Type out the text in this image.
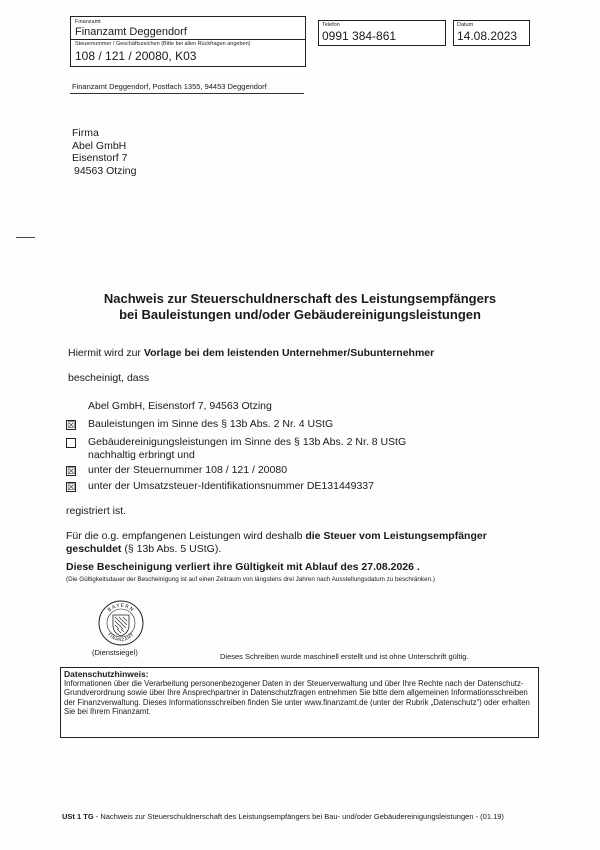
Finanzamt
Finanzamt Deggendorf
Steuernummer / Geschäftszeichen (Bitte bei allen Rückfragen angeben)
108 / 121 / 20080, K03
Telefon
0991 384-861
Datum
14.08.2023
Finanzamt Deggendorf, Postfach 1355, 94453 Deggendorf
Firma
Abel GmbH
Eisenstorf 7
94563 Otzing
Nachweis zur Steuerschuldnerschaft des Leistungsempfängers
bei Bauleistungen und/oder Gebäudereinigungsleistungen
Hiermit wird zur Vorlage bei dem leistenden Unternehmer/Subunternehmer
bescheinigt, dass
Abel GmbH, Eisenstorf 7, 94563 Otzing
☒ Bauleistungen im Sinne des § 13b Abs. 2 Nr. 4 UStG
Gebäudereinigungsleistungen im Sinne des § 13b Abs. 2 Nr. 8 UStG
nachhaltig erbringt und
☒ unter der Steuernummer 108 / 121 / 20080
☒ unter der Umsatzsteuer-Identifikationsnummer DE131449337
registriert ist.
Für die o.g. empfangenen Leistungen wird deshalb die Steuer vom Leistungsempfänger
geschuldet (§ 13b Abs. 5 UStG).
Diese Bescheinigung verliert ihre Gültigkeit mit Ablauf des 27.08.2026 .
(Die Gültigkeitsdauer der Bescheinigung ist auf einen Zeitraum von längstens drei Jahren nach Ausstellungsdatum zu beschränken.)
BAYERN
FINANZAMT
(Dienstsiegel)	Dieses Schreiben wurde maschinell erstellt und ist ohne Unterschrift gültig.
Datenschutzhinweis:
Informationen über die Verarbeitung personenbezogener Daten in der Steuerverwaltung und über Ihre Rechte nach der Datenschutz-Grundverordnung sowie über Ihre Ansprechpartner in Datenschutzfragen entnehmen Sie bitte dem allgemeinen Informationsschreiben der Finanzverwaltung. Dieses Informationsschreiben finden Sie unter www.finanzamt.de (unter der Rubrik „Datenschutz“) oder erhalten Sie bei Ihrem Finanzamt.
USt 1 TG - Nachweis zur Steuerschuldnerschaft des Leistungsempfängers bei Bau- und/oder Gebäudereinigungsleistungen - (01.19)
